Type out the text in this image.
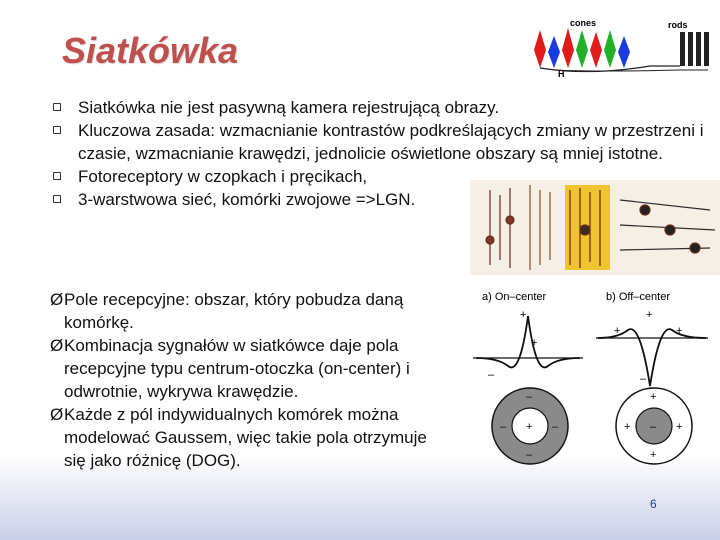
Siatkówka
cones	rods
H
Siatkówka nie jest pasywną kamera rejestrującą obrazy.
Kluczowa zasada: wzmacnianie kontrastów podkreślających zmiany w przestrzeni i czasie, wzmacnianie krawędzi, jednolicie oświetlone obszary są mniej istotne.
Fotoreceptory w czopkach i pręcikach,
3-warstwowa sieć, komórki zwojowe =>LGN.
Ø Pole recepcyjne: obszar, który pobudza daną komórkę.
Ø Kombinacja sygnałów w siatkówce daje pola recepcyjne typu centrum-otoczka (on-center) i odwrotnie, wykrywa krawędzie.
Ø Każde z pól indywidualnych komórek można modelować Gaussem, więc takie pola otrzymuje się jako różnicę (DOG).
a) On–center	b) Off–center
+
+
–
+
+	+
–
+
–
–	–
–
–
+
+	+
+
6
